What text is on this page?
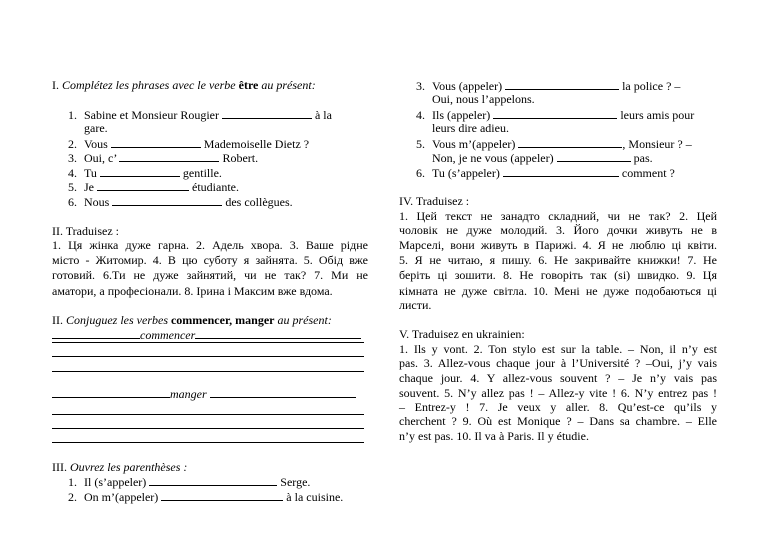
I. Complétez les phrases avec le verbe être au présent:
1. Sabine et Monsieur Rougier	à la
gare.
2. Vous	Mademoiselle Dietz ?
3. Oui, c’	Robert.
4. Tu	gentille.
5. Je	étudiante.
6. Nous	des collègues.
II. Traduisez :
1. Ця жінка дуже гарна. 2. Адель хвора. 3. Ваше рідне
місто - Житомир. 4. В цю суботу я зайнята. 5. Обід вже
готовий. 6.Ти не дуже зайнятий, чи не так? 7. Ми не
аматори, а професіонали. 8. Ірина і Максим вже вдома.
II. Conjuguez les verbes commencer, manger au présent:
commencer
manger
III. Ouvrez les parenthèses :
1. Il (s’appeler)	Serge.
2. On m’(appeler)	à la cuisine.
3. Vous (appeler)	la police ? –
Oui, nous l’appelons.
4. Ils (appeler)	leurs amis pour
leurs dire adieu.
5. Vous m’(appeler)	, Monsieur ? –
Non, je ne vous (appeler)	pas.
6. Tu (s’appeler)	comment ?
IV. Traduisez :
1. Цей текст не занадто складний, чи не так? 2. Цей
чоловік не дуже молодий. 3. Його дочки живуть не в
Марселі, вони живуть в Парижі. 4. Я не люблю ці квіти.
5. Я не читаю, я пишу. 6. Не закривайте книжки! 7. Не
беріть ці зошити. 8. Не говоріть так (sі) швидко. 9. Ця
кімната не дуже світла. 10. Мені не дуже подобаються ці
листи.
V. Traduisez en ukrainien:
1. Ils y vont. 2. Ton stylo est sur la table. – Non, il n’y est
pas. 3. Allez-vous chaque jour à l’Université ? –Oui, j’y vais
chaque jour. 4. Y allez-vous souvent ? – Je n’y vais pas
souvent. 5. N’y allez pas ! – Allez-y vite ! 6. N’y entrez pas !
– Entrez-y ! 7. Je veux y aller. 8. Qu’est-ce qu’ils y
cherchent ? 9. Où est Monique ? – Dans sa chambre. – Elle
n’y est pas. 10. Il va à Paris. Il y étudie.
